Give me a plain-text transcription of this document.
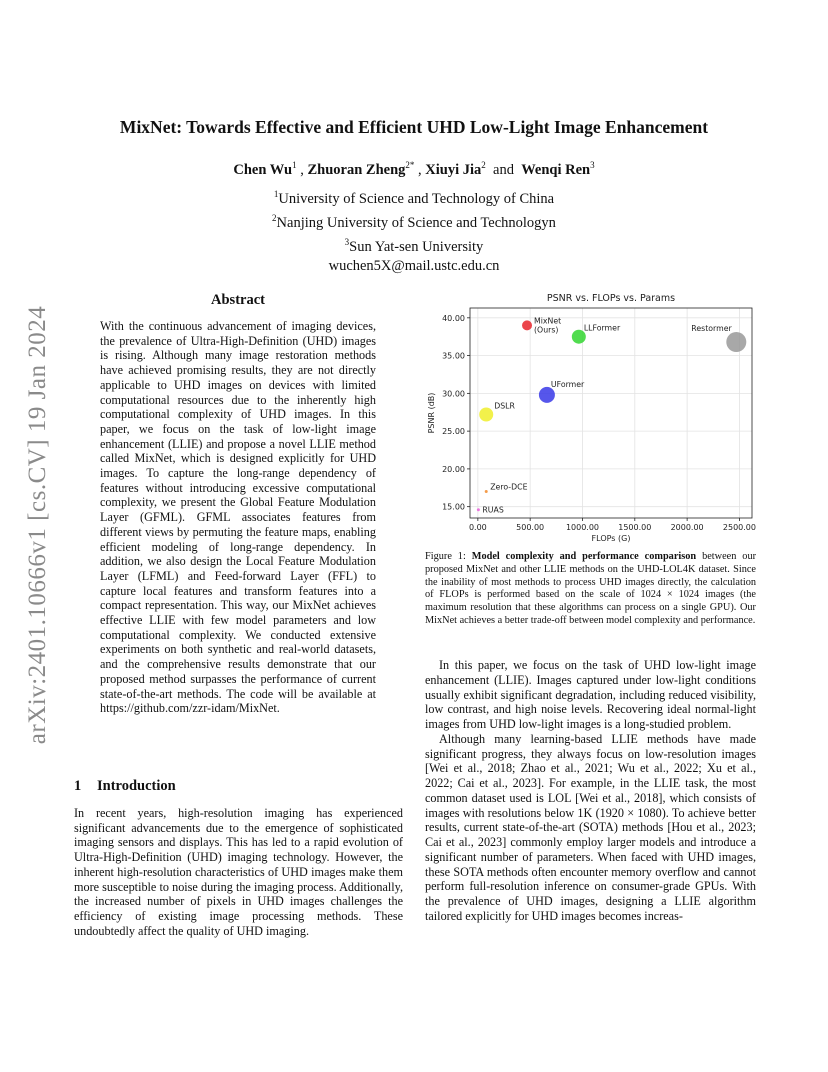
arXiv:2401.10666v1 [cs.CV] 19 Jan 2024
MixNet: Towards Effective and Efficient UHD Low-Light Image Enhancement

Chen Wu$^1$ , Zhuoran Zheng$^{2*}$ , Xiuyi Jia$^2$ and Wenqi Ren$^3$

$^1$University of Science and Technology of China
$^2$Nanjing University of Science and Technologyn
$^3$Sun Yat-sen University
wuchen5X@mail.ustc.edu.cn
Abstract

With the continuous advancement of imaging devices, the prevalence of Ultra-High-Definition (UHD) images is rising. Although many image restoration methods have achieved promising results, they are not directly applicable to UHD images on devices with limited computational resources due to the inherently high computational complexity of UHD images. In this paper, we focus on the task of low-light image enhancement (LLIE) and propose a novel LLIE method called MixNet, which is designed explicitly for UHD images. To capture the long-range dependency of features without introducing excessive computational complexity, we present the Global Feature Modulation Layer (GFML). GFML associates features from different views by permuting the feature maps, enabling efficient modeling of long-range dependency. In addition, we also design the Local Feature Modulation Layer (LFML) and Feed-forward Layer (FFL) to capture local features and transform features into a compact representation. This way, our MixNet achieves effective LLIE with few model parameters and low computational complexity. We conducted extensive experiments on both synthetic and real-world datasets, and the comprehensive results demonstrate that our proposed method surpasses the performance of current state-of-the-art methods. The code will be available at https://github.com/zzr-idam/MixNet.

1 Introduction

In recent years, high-resolution imaging has experienced significant advancements due to the emergence of sophisticated imaging sensors and displays. This has led to a rapid evolution of Ultra-High-Definition (UHD) imaging technology. However, the inherent high-resolution characteristics of UHD images make them more susceptible to noise during the imaging process. Additionally, the increased number of pixels in UHD images challenges the efficiency of existing image processing methods. These undoubtedly affect the quality of UHD imaging.

PSNR vs. FLOPs vs. Params
0.00	500.00	1000.00 1500.00 2000.00 2500.00
15.00
20.00
25.00
30.00
35.00
40.00
FLOPs (G)
PSNR (dB)
MixNet
(Ours)	LLFormer	Restormer
UFormer
DSLR
Zero-DCE
RUAS

Figure 1: Model complexity and performance comparison between our proposed MixNet and other LLIE methods on the UHD-LOL4K dataset. Since the inability of most methods to process UHD images directly, the calculation of FLOPs is performed based on the scale of 1024 × 1024 images (the maximum resolution that these algorithms can process on a single GPU). Our MixNet achieves a better trade-off between model complexity and performance.

In this paper, we focus on the task of UHD low-light image enhancement (LLIE). Images captured under low-light conditions usually exhibit significant degradation, including reduced visibility, low contrast, and high noise levels. Recovering ideal normal-light images from UHD low-light images is a long-studied problem.

Although many learning-based LLIE methods have made significant progress, they always focus on low-resolution images [Wei et al., 2018; Zhao et al., 2021; Wu et al., 2022; Xu et al., 2022; Cai et al., 2023]. For example, in the LLIE task, the most common dataset used is LOL [Wei et al., 2018], which consists of images with resolutions below 1K (1920 × 1080). To achieve better results, current state-of-the-art (SOTA) methods [Hou et al., 2023; Cai et al., 2023] commonly employ larger models and introduce a significant number of parameters. When faced with UHD images, these SOTA methods often encounter memory overflow and cannot perform full-resolution inference on consumer-grade GPUs. With the prevalence of UHD images, designing a LLIE algorithm tailored explicitly for UHD images becomes increas-
